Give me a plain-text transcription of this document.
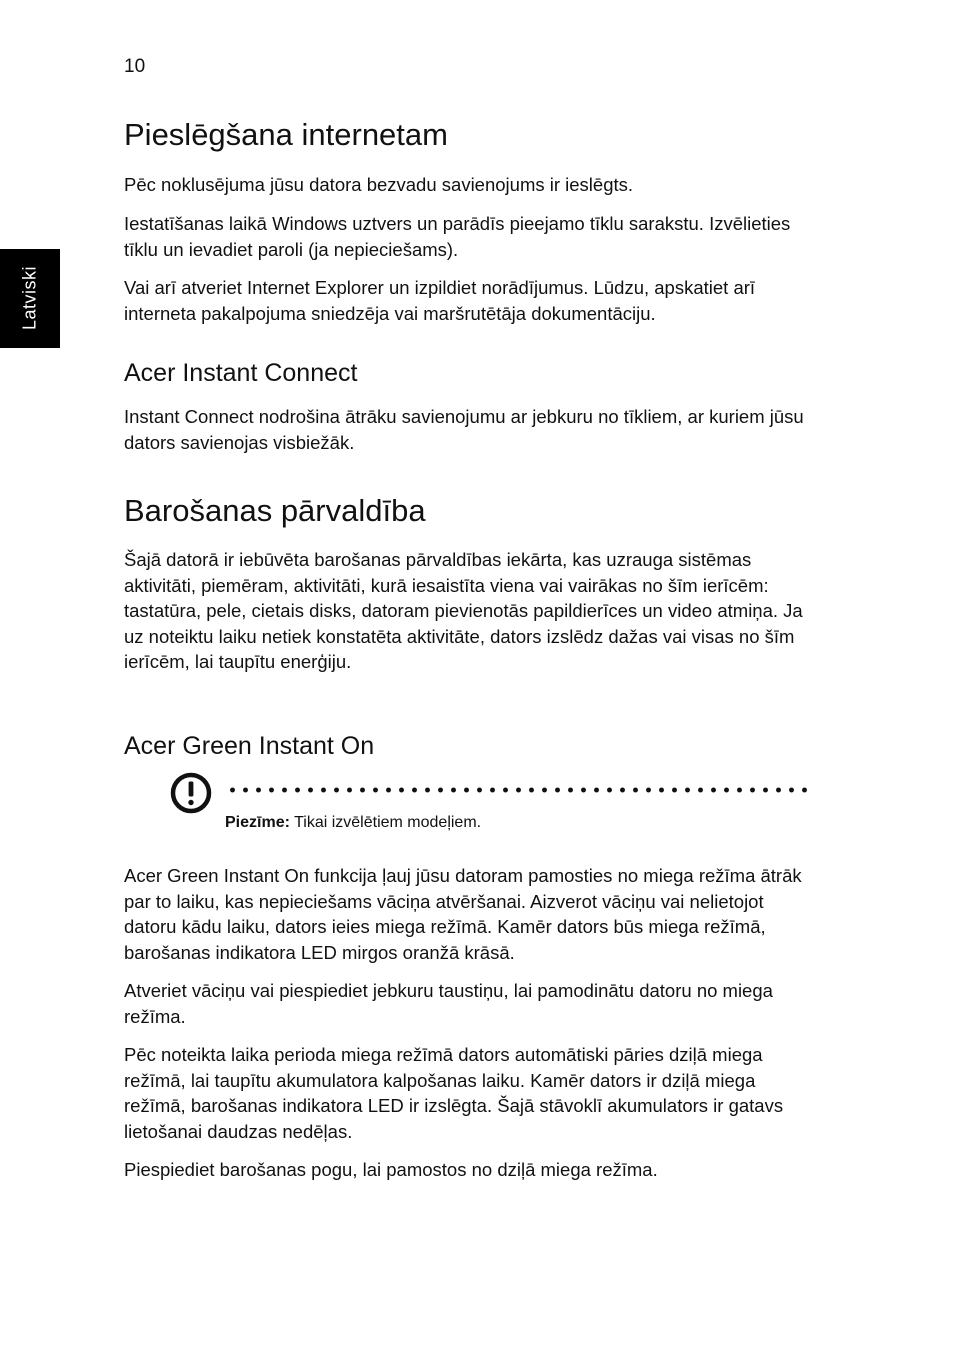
10
Latviski
Pieslēgšana internetam

Pēc noklusējuma jūsu datora bezvadu savienojums ir ieslēgts.

Iestatīšanas laikā Windows uztvers un parādīs pieejamo tīklu sarakstu. Izvēlieties tīklu un ievadiet paroli (ja nepieciešams).

Vai arī atveriet Internet Explorer un izpildiet norādījumus. Lūdzu, apskatiet arī interneta pakalpojuma sniedzēja vai maršrutētāja dokumentāciju.

Acer Instant Connect

Instant Connect nodrošina ātrāku savienojumu ar jebkuru no tīkliem, ar kuriem jūsu dators savienojas visbiežāk.

Barošanas pārvaldība

Šajā datorā ir iebūvēta barošanas pārvaldības iekārta, kas uzrauga sistēmas aktivitāti, piemēram, aktivitāti, kurā iesaistīta viena vai vairākas no šīm ierīcēm: tastatūra, pele, cietais disks, datoram pievienotās papildierīces un video atmiņa. Ja uz noteiktu laiku netiek konstatēta aktivitāte, dators izslēdz dažas vai visas no šīm ierīcēm, lai taupītu enerģiju.

Acer Green Instant On
Piezīme: Tikai izvēlētiem modeļiem.

Acer Green Instant On funkcija ļauj jūsu datoram pamosties no miega režīma ātrāk par to laiku, kas nepieciešams vāciņa atvēršanai. Aizverot vāciņu vai nelietojot datoru kādu laiku, dators ieies miega režīmā. Kamēr dators būs miega režīmā, barošanas indikatora LED mirgos oranžā krāsā.

Atveriet vāciņu vai piespiediet jebkuru taustiņu, lai pamodinātu datoru no miega režīma.

Pēc noteikta laika perioda miega režīmā dators automātiski pāries dziļā miega režīmā, lai taupītu akumulatora kalpošanas laiku. Kamēr dators ir dziļā miega režīmā, barošanas indikatora LED ir izslēgta. Šajā stāvoklī akumulators ir gatavs lietošanai daudzas nedēļas.

Piespiediet barošanas pogu, lai pamostos no dziļā miega režīma.
